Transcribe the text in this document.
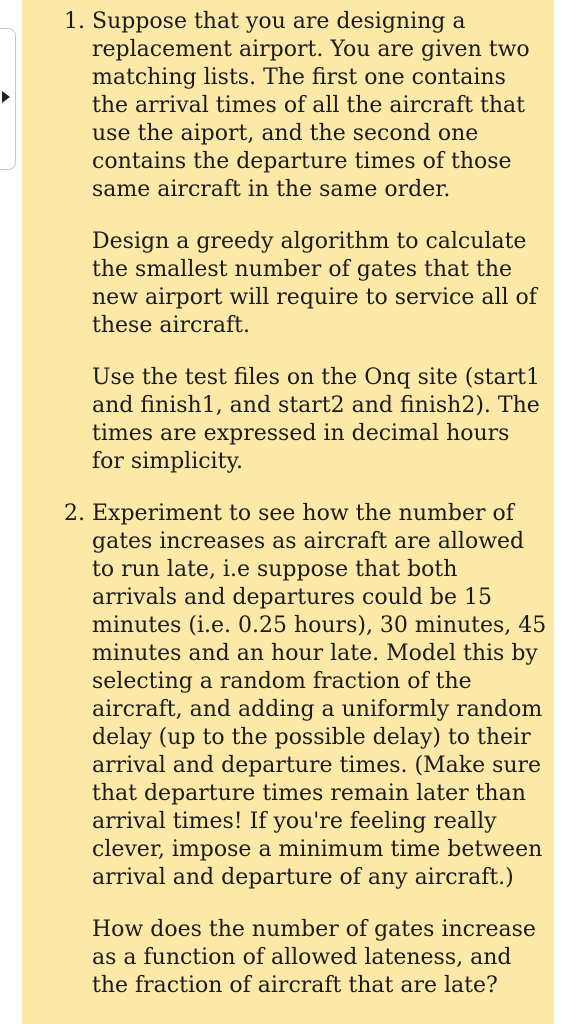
1. Suppose that you are designing a replacement airport. You are given two matching lists. The first one contains the arrival times of all the aircraft that use the aiport, and the second one contains the departure times of those same aircraft in the same order.

Design a greedy algorithm to calculate the smallest number of gates that the new airport will require to service all of these aircraft.

Use the test files on the Onq site (start1 and finish1, and start2 and finish2). The times are expressed in decimal hours for simplicity.

2. Experiment to see how the number of gates increases as aircraft are allowed to run late, i.e suppose that both arrivals and departures could be 15 minutes (i.e. 0.25 hours), 30 minutes, 45 minutes and an hour late. Model this by selecting a random fraction of the aircraft, and adding a uniformly random delay (up to the possible delay) to their arrival and departure times. (Make sure that departure times remain later than arrival times! If you're feeling really clever, impose a minimum time between arrival and departure of any aircraft.)

How does the number of gates increase as a function of allowed lateness, and the fraction of aircraft that are late?
